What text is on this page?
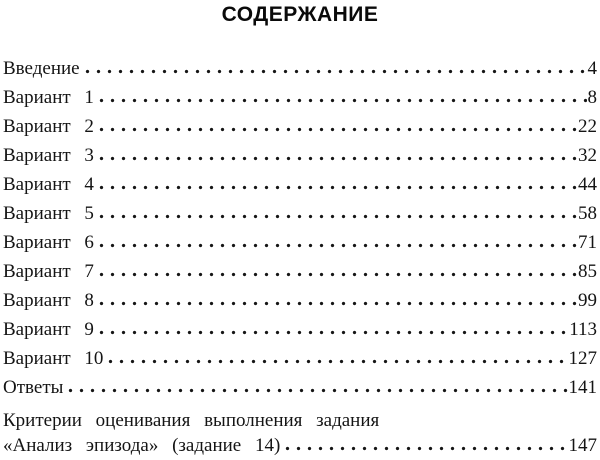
СОДЕРЖАНИЕ
Введение	4
Вариант 1	8
Вариант 2	22
Вариант 3	32
Вариант 4	44
Вариант 5	58
Вариант 6	71
Вариант 7	85
Вариант 8	99
Вариант 9	113
Вариант 10	127
Ответы	141
Критерии оценивания выполнения задания
«Анализ эпизода» (задание 14)	147
